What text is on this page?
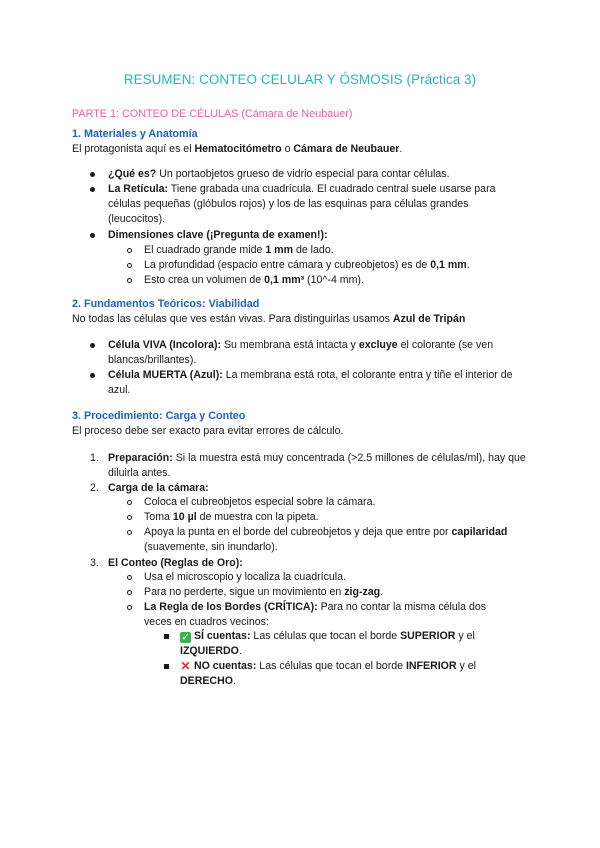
RESUMEN: CONTEO CELULAR Y ÓSMOSIS (Práctica 3)
PARTE 1: CONTEO DE CÉLULAS (Cámara de Neubauer)
1. Materiales y Anatomía
El protagonista aquí es el Hematocitómetro o Cámara de Neubauer.
¿Qué es? Un portaobjetos grueso de vidrio especial para contar células.
La Retícula: Tiene grabada una cuadrícula. El cuadrado central suele usarse para células pequeñas (glóbulos rojos) y los de las esquinas para células grandes (leucocitos).
Dimensiones clave (¡Pregunta de examen!):
El cuadrado grande mide 1 mm de lado.
La profundidad (espacio entre cámara y cubreobjetos) es de 0,1 mm.
Esto crea un volumen de 0,1 mm³ (10^-4 mm).
2. Fundamentos Teóricos: Viabilidad
No todas las células que ves están vivas. Para distinguirlas usamos Azul de Tripán
Célula VIVA (Incolora): Su membrana está intacta y excluye el colorante (se ven blancas/brillantes).
Célula MUERTA (Azul): La membrana está rota, el colorante entra y tiñe el interior de azul.
3. Procedimiento: Carga y Conteo
El proceso debe ser exacto para evitar errores de cálculo.
1. Preparación: Si la muestra está muy concentrada (>2.5 millones de células/ml), hay que diluirla antes.
2. Carga de la cámara:
Coloca el cubreobjetos especial sobre la cámara.
Toma 10 µl de muestra con la pipeta.
Apoya la punta en el borde del cubreobjetos y deja que entre por capilaridad (suavemente, sin inundarlo).
3. El Conteo (Reglas de Oro):
Usa el microscopio y localiza la cuadrícula.
Para no perderte, sigue un movimiento en zig-zag.
La Regla de los Bordes (CRÍTICA): Para no contar la misma célula dos veces en cuadros vecinos:
✓ SÍ cuentas: Las células que tocan el borde SUPERIOR y el IZQUIERDO.
✕ NO cuentas: Las células que tocan el borde INFERIOR y el DERECHO.
